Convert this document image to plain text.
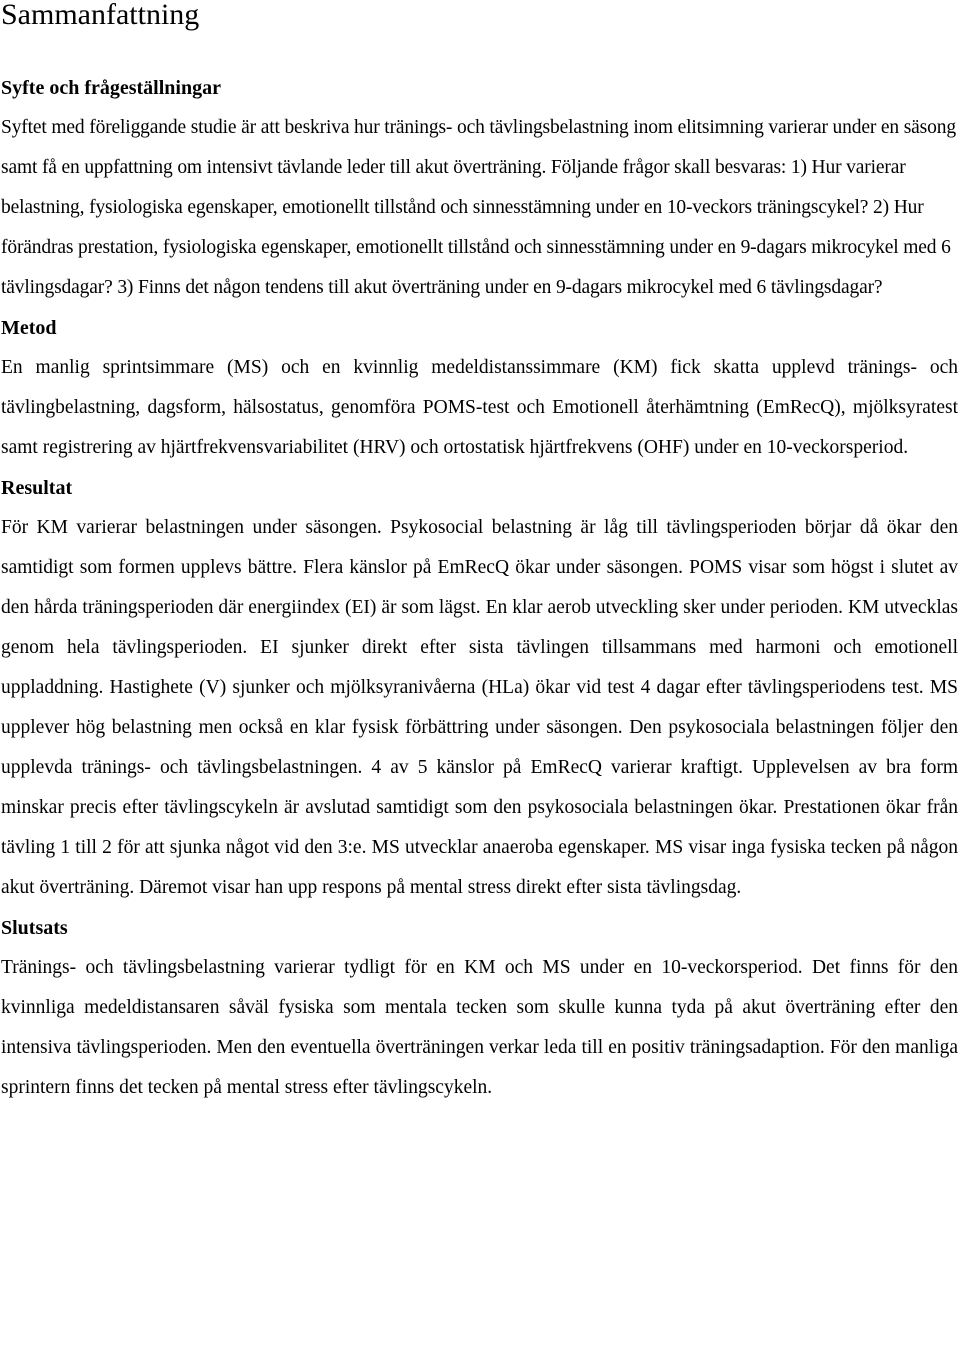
Sammanfattning
Syfte och frågeställningar

Syftet med föreliggande studie är att beskriva hur tränings- och tävlingsbelastning inom elitsimning varierar under en säsong samt få en uppfattning om intensivt tävlande leder till akut överträning. Följande frågor skall besvaras: 1) Hur varierar belastning, fysiologiska egenskaper, emotionellt tillstånd och sinnesstämning under en 10-veckors träningscykel? 2) Hur förändras prestation, fysiologiska egenskaper, emotionellt tillstånd och sinnesstämning under en 9-dagars mikrocykel med 6 tävlingsdagar? 3) Finns det någon tendens till akut överträning under en 9-dagars mikrocykel med 6 tävlingsdagar?

Metod

En manlig sprintsimmare (MS) och en kvinnlig medeldistanssimmare (KM) fick skatta upplevd tränings- och tävlingbelastning, dagsform, hälsostatus, genomföra POMS-test och Emotionell återhämtning (EmRecQ), mjölksyratest samt registrering av hjärtfrekvensvariabilitet (HRV) och ortostatisk hjärtfrekvens (OHF) under en 10-veckorsperiod.

Resultat

För KM varierar belastningen under säsongen. Psykosocial belastning är låg till tävlingsperioden börjar då ökar den samtidigt som formen upplevs bättre. Flera känslor på EmRecQ ökar under säsongen. POMS visar som högst i slutet av den hårda träningsperioden där energiindex (EI) är som lägst. En klar aerob utveckling sker under perioden. KM utvecklas genom hela tävlingsperioden. EI sjunker direkt efter sista tävlingen tillsammans med harmoni och emotionell uppladdning. Hastighete (V) sjunker och mjölksyranivåerna (HLa) ökar vid test 4 dagar efter tävlingsperiodens test. MS upplever hög belastning men också en klar fysisk förbättring under säsongen. Den psykosociala belastningen följer den upplevda tränings- och tävlingsbelastningen. 4 av 5 känslor på EmRecQ varierar kraftigt. Upplevelsen av bra form minskar precis efter tävlingscykeln är avslutad samtidigt som den psykosociala belastningen ökar. Prestationen ökar från tävling 1 till 2 för att sjunka något vid den 3:e. MS utvecklar anaeroba egenskaper. MS visar inga fysiska tecken på någon akut överträning. Däremot visar han upp respons på mental stress direkt efter sista tävlingsdag.

Slutsats

Tränings- och tävlingsbelastning varierar tydligt för en KM och MS under en 10-veckorsperiod. Det finns för den kvinnliga medeldistansaren såväl fysiska som mentala tecken som skulle kunna tyda på akut överträning efter den intensiva tävlingsperioden. Men den eventuella överträningen verkar leda till en positiv träningsadaption. För den manliga sprintern finns det tecken på mental stress efter tävlingscykeln.
